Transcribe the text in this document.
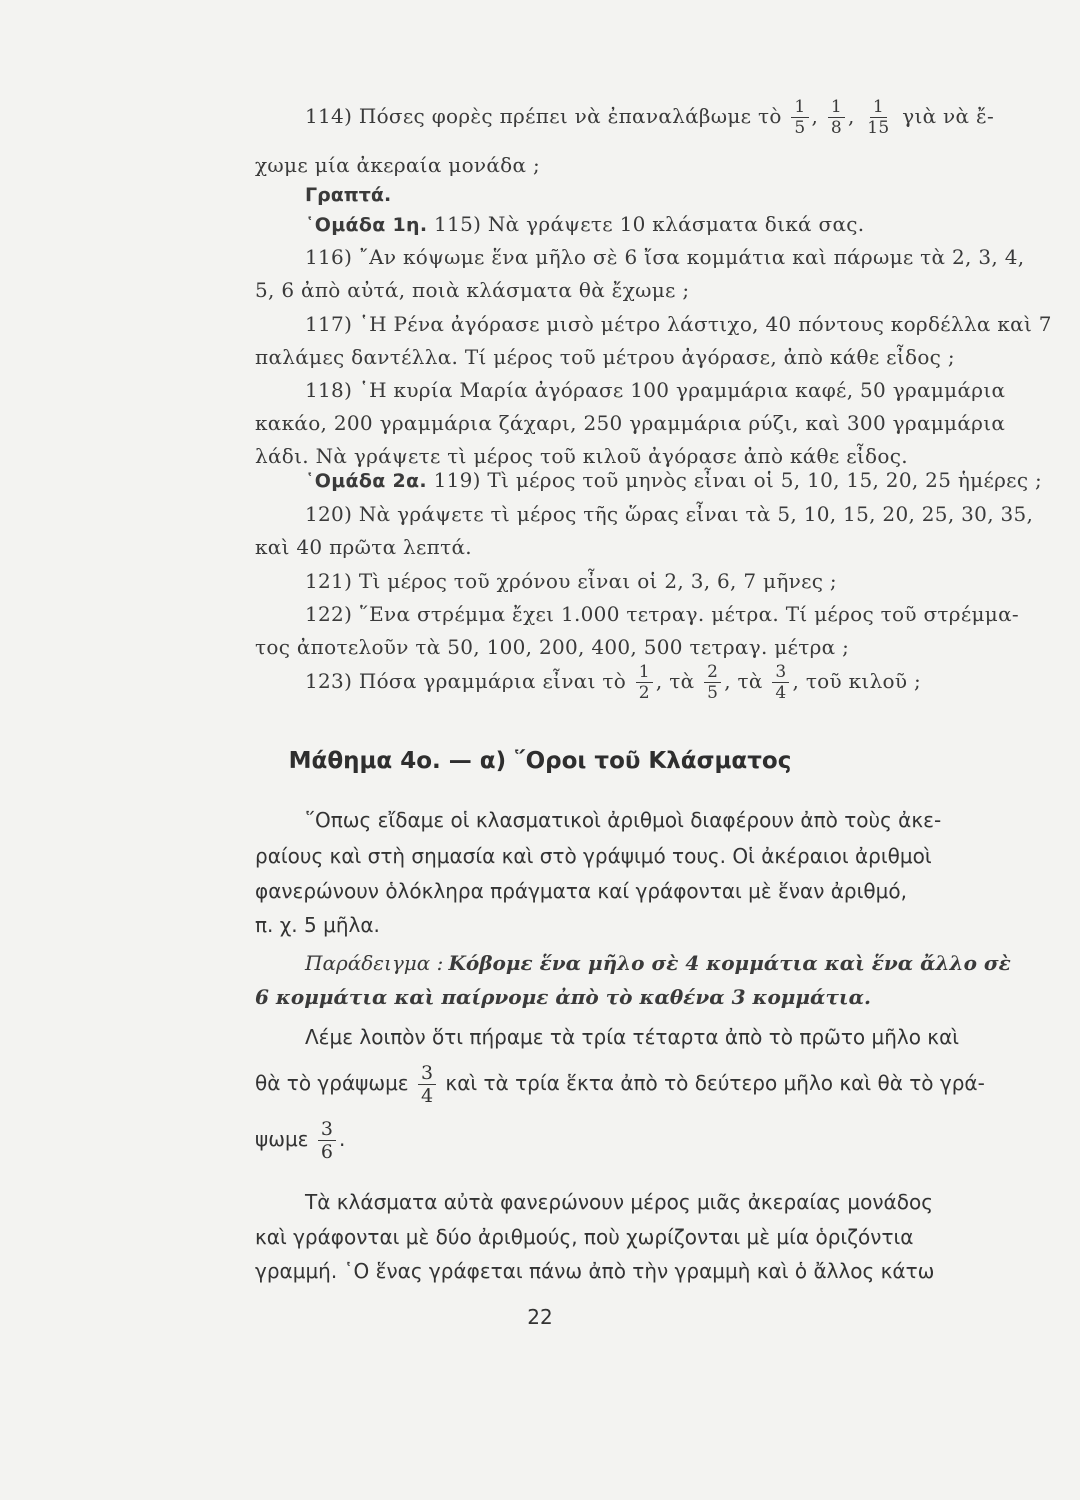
114) Πόσες φορὲς πρέπει νὰ ἐπαναλάβωμε τὸ $\frac{1}{5}$ , $\frac{1}{8}$ , $\frac{1}{15}$ γιὰ νὰ ἔ-
χωμε μία ἀκεραία μονάδα ;
Γραπτά.
῾Ομάδα 1η. 115) Νὰ γράψετε 10 κλάσματα δικά σας.
116) ῎Αν κόψωμε ἕνα μῆλο σὲ 6 ἴσα κομμάτια καὶ πάρωμε τὰ 2, 3, 4,
5, 6 ἀπὸ αὐτά, ποιὰ κλάσματα θὰ ἔχωμε ;
117) ῾Η Ρένα ἀγόρασε μισὸ μέτρο λάστιχο, 40 πόντους κορδέλλα καὶ 7
παλάμες δαντέλλα. Τί μέρος τοῦ μέτρου ἀγόρασε, ἀπὸ κάθε εἶδος ;
118) ῾Η κυρία Μαρία ἀγόρασε 100 γραμμάρια καφέ, 50 γραμμάρια
κακάο, 200 γραμμάρια ζάχαρι, 250 γραμμάρια ρύζι, καὶ 300 γραμμάρια
λάδι. Νὰ γράψετε τὶ μέρος τοῦ κιλοῦ ἀγόρασε ἀπὸ κάθε εἶδος.
῾Ομάδα 2α. 119) Τὶ μέρος τοῦ μηνὸς εἶναι οἱ 5, 10, 15, 20, 25 ἡμέρες ;
120) Νὰ γράψετε τὶ μέρος τῆς ὥρας εἶναι τὰ 5, 10, 15, 20, 25, 30, 35,
καὶ 40 πρῶτα λεπτά.
121) Τὶ μέρος τοῦ χρόνου εἶναι οἱ 2, 3, 6, 7 μῆνες ;
122) ῞Ενα στρέμμα ἔχει 1.000 τετραγ. μέτρα. Τί μέρος τοῦ στρέμμα-
τος ἀποτελοῦν τὰ 50, 100, 200, 400, 500 τετραγ. μέτρα ;
123) Πόσα γραμμάρια εἶναι τὸ $\frac{1}{2}$ , τὰ $\frac{2}{5}$ , τὰ $\frac{3}{4}$ , τοῦ κιλοῦ ;
Μάθημα 4ο. — α) ῞Οροι τοῦ Κλάσματος
῞Οπως εἴδαμε οἱ κλασματικοὶ ἀριθμοὶ διαφέρουν ἀπὸ τοὺς ἀκε-
ραίους καὶ στὴ σημασία καὶ στὸ γράψιμό τους. Οἱ ἀκέραιοι ἀριθμοὶ
φανερώνουν ὁλόκληρα πράγματα καί γράφονται μὲ ἕναν ἀριθμό,
π. χ. 5 μῆλα.
Παράδειγμα : Κόβομε ἕνα μῆλο σὲ 4 κομμάτια καὶ ἕνα ἄλλο σὲ
6 κομμάτια καὶ παίρνομε ἀπὸ τὸ καθένα 3 κομμάτια.
Λέμε λοιπὸν ὅτι πήραμε τὰ τρία τέταρτα ἀπὸ τὸ πρῶτο μῆλο καὶ
θὰ τὸ γράψωμε $\frac{3}{4}$ καὶ τὰ τρία ἕκτα ἀπὸ τὸ δεύτερο μῆλο καὶ θὰ τὸ γρά-
ψωμε $\frac{3}{6}$ .
Τὰ κλάσματα αὐτὰ φανερώνουν μέρος μιᾶς ἀκεραίας μονάδος
καὶ γράφονται μὲ δύο ἀριθμούς, ποὺ χωρίζονται μὲ μία ὁριζόντια
γραμμή. ῾Ο ἕνας γράφεται πάνω ἀπὸ τὴν γραμμὴ καὶ ὁ ἄλλος κάτω
22
